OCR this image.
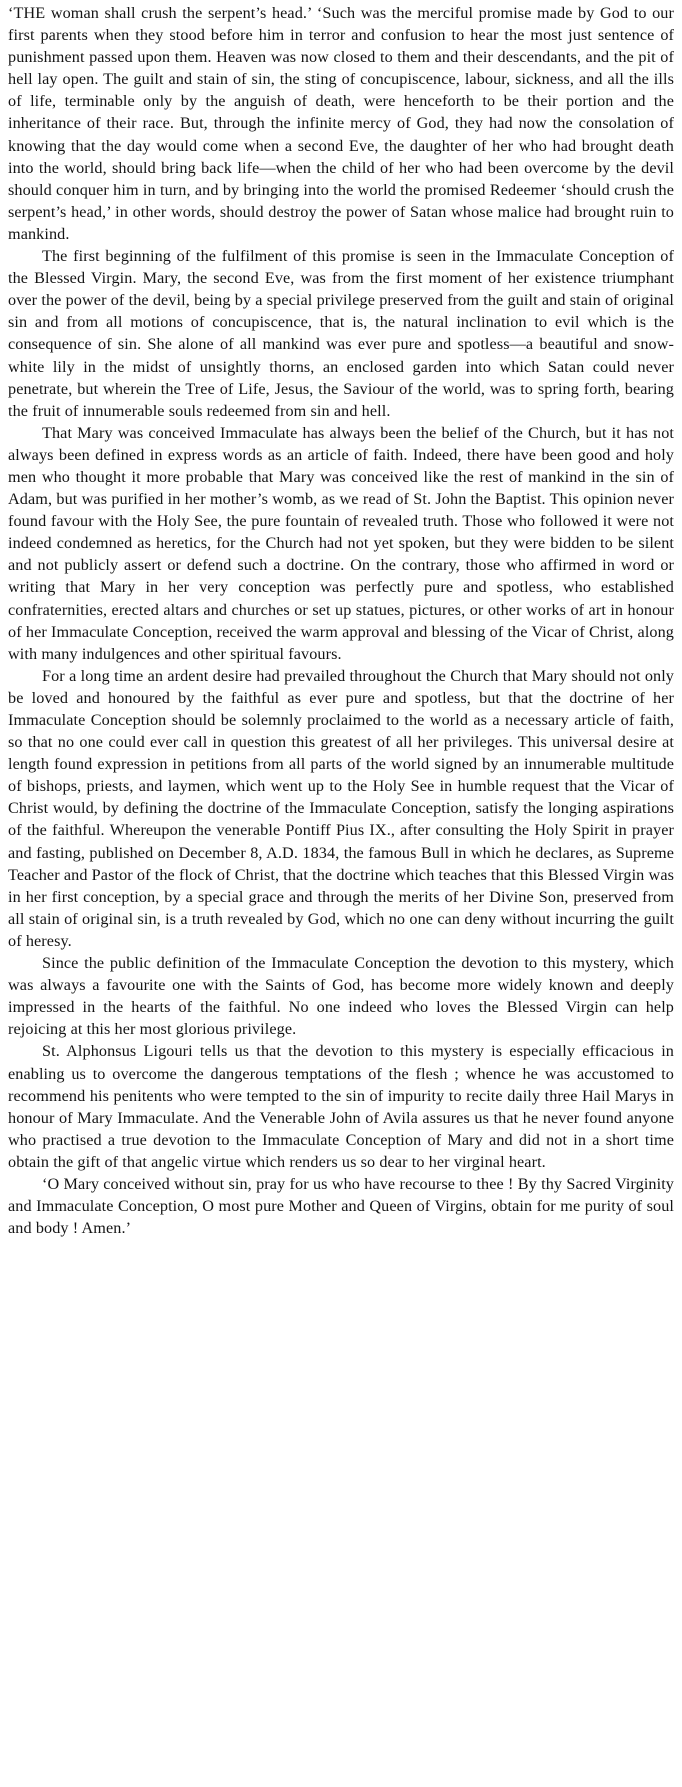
‘THE woman shall crush the serpent’s head.’ ‘Such was the merciful promise made by God to our first parents when they stood before him in terror and confusion to hear the most just sentence of punishment passed upon them. Heaven was now closed to them and their descendants, and the pit of hell lay open. The guilt and stain of sin, the sting of concupiscence, labour, sickness, and all the ills of life, terminable only by the anguish of death, were henceforth to be their portion and the inheritance of their race. But, through the infinite mercy of God, they had now the consolation of knowing that the day would come when a second Eve, the daughter of her who had brought death into the world, should bring back life—when the child of her who had been overcome by the devil should conquer him in turn, and by bringing into the world the promised Redeemer ‘should crush the serpent’s head,’ in other words, should destroy the power of Satan whose malice had brought ruin to mankind.

The first beginning of the fulfilment of this promise is seen in the Immaculate Conception of the Blessed Virgin. Mary, the second Eve, was from the first moment of her existence triumphant over the power of the devil, being by a special privilege preserved from the guilt and stain of original sin and from all motions of concupiscence, that is, the natural inclination to evil which is the consequence of sin. She alone of all mankind was ever pure and spotless—a beautiful and snow-white lily in the midst of unsightly thorns, an enclosed garden into which Satan could never penetrate, but wherein the Tree of Life, Jesus, the Saviour of the world, was to spring forth, bearing the fruit of innumerable souls redeemed from sin and hell.

That Mary was conceived Immaculate has always been the belief of the Church, but it has not always been defined in express words as an article of faith. Indeed, there have been good and holy men who thought it more probable that Mary was conceived like the rest of mankind in the sin of Adam, but was purified in her mother’s womb, as we read of St. John the Baptist. This opinion never found favour with the Holy See, the pure fountain of revealed truth. Those who followed it were not indeed condemned as heretics, for the Church had not yet spoken, but they were bidden to be silent and not publicly assert or defend such a doctrine. On the contrary, those who affirmed in word or writing that Mary in her very conception was perfectly pure and spotless, who established confraternities, erected altars and churches or set up statues, pictures, or other works of art in honour of her Immaculate Conception, received the warm approval and blessing of the Vicar of Christ, along with many indulgences and other spiritual favours.

For a long time an ardent desire had prevailed throughout the Church that Mary should not only be loved and honoured by the faithful as ever pure and spotless, but that the doctrine of her Immaculate Conception should be solemnly proclaimed to the world as a necessary article of faith, so that no one could ever call in question this greatest of all her privileges. This universal desire at length found expression in petitions from all parts of the world signed by an innumerable multitude of bishops, priests, and laymen, which went up to the Holy See in humble request that the Vicar of Christ would, by defining the doctrine of the Immaculate Conception, satisfy the longing aspirations of the faithful. Whereupon the venerable Pontiff Pius IX., after consulting the Holy Spirit in prayer and fasting, published on December 8, A.D. 1834, the famous Bull in which he declares, as Supreme Teacher and Pastor of the flock of Christ, that the doctrine which teaches that this Blessed Virgin was in her first conception, by a special grace and through the merits of her Divine Son, preserved from all stain of original sin, is a truth revealed by God, which no one can deny without incurring the guilt of heresy.

Since the public definition of the Immaculate Conception the devotion to this mystery, which was always a favourite one with the Saints of God, has become more widely known and deeply impressed in the hearts of the faithful. No one indeed who loves the Blessed Virgin can help rejoicing at this her most glorious privilege.

St. Alphonsus Ligouri tells us that the devotion to this mystery is especially efficacious in enabling us to overcome the dangerous temptations of the flesh ; whence he was accustomed to recommend his penitents who were tempted to the sin of impurity to recite daily three Hail Marys in honour of Mary Immaculate. And the Venerable John of Avila assures us that he never found anyone who practised a true devotion to the Immaculate Conception of Mary and did not in a short time obtain the gift of that angelic virtue which renders us so dear to her virginal heart.

‘O Mary conceived without sin, pray for us who have recourse to thee ! By thy Sacred Virginity and Immaculate Conception, O most pure Mother and Queen of Virgins, obtain for me purity of soul and body ! Amen.’
